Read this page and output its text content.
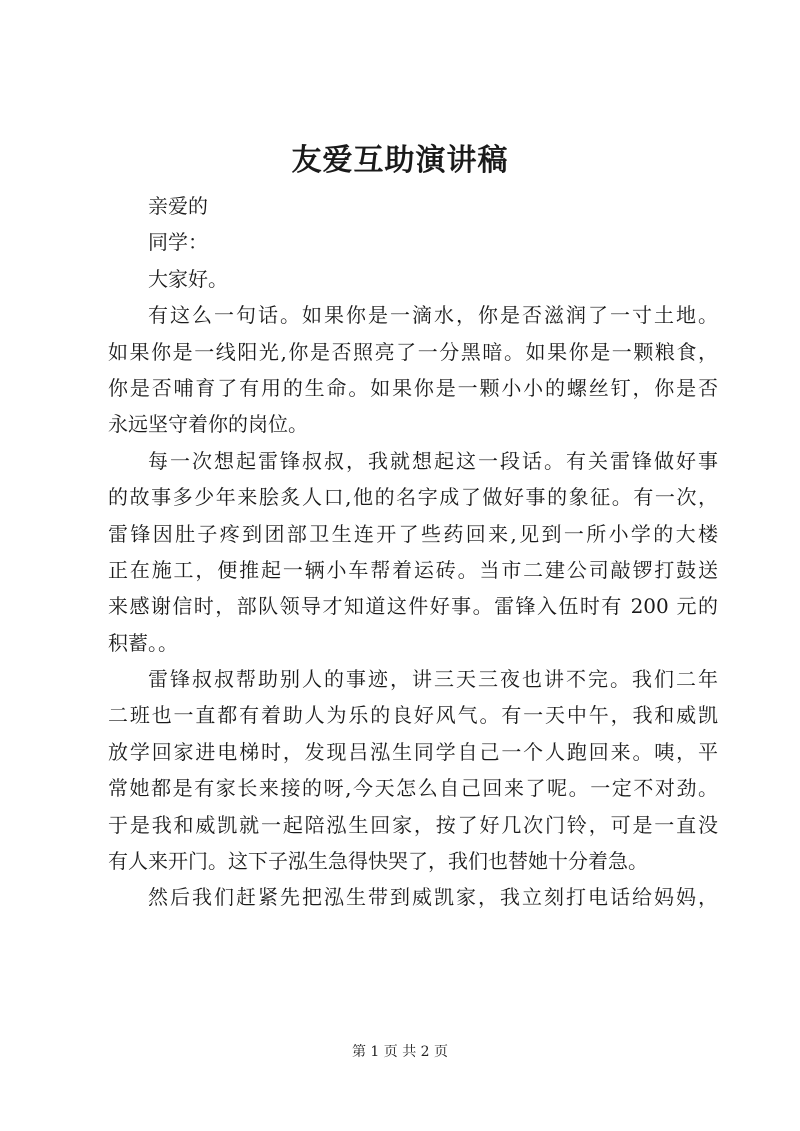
友爱互助演讲稿
亲爱的
同学：
大家好。
有这么一句话。如果你是一滴水，你是否滋润了一寸土地。
如果你是一线阳光,你是否照亮了一分黑暗。如果你是一颗粮食，
你是否哺育了有用的生命。如果你是一颗小小的螺丝钉，你是否
永远坚守着你的岗位。
每一次想起雷锋叔叔，我就想起这一段话。有关雷锋做好事
的故事多少年来脍炙人口,他的名字成了做好事的象征。有一次，
雷锋因肚子疼到团部卫生连开了些药回来,见到一所小学的大楼
正在施工，便推起一辆小车帮着运砖。当市二建公司敲锣打鼓送
来感谢信时，部队领导才知道这件好事。雷锋入伍时有 200 元的
积蓄。。
雷锋叔叔帮助别人的事迹，讲三天三夜也讲不完。我们二年
二班也一直都有着助人为乐的良好风气。有一天中午，我和威凯
放学回家进电梯时，发现吕泓生同学自己一个人跑回来。咦，平
常她都是有家长来接的呀,今天怎么自己回来了呢。一定不对劲。
于是我和威凯就一起陪泓生回家，按了好几次门铃，可是一直没
有人来开门。这下子泓生急得快哭了，我们也替她十分着急。
然后我们赶紧先把泓生带到威凯家，我立刻打电话给妈妈，
第 1 页 共 2 页
